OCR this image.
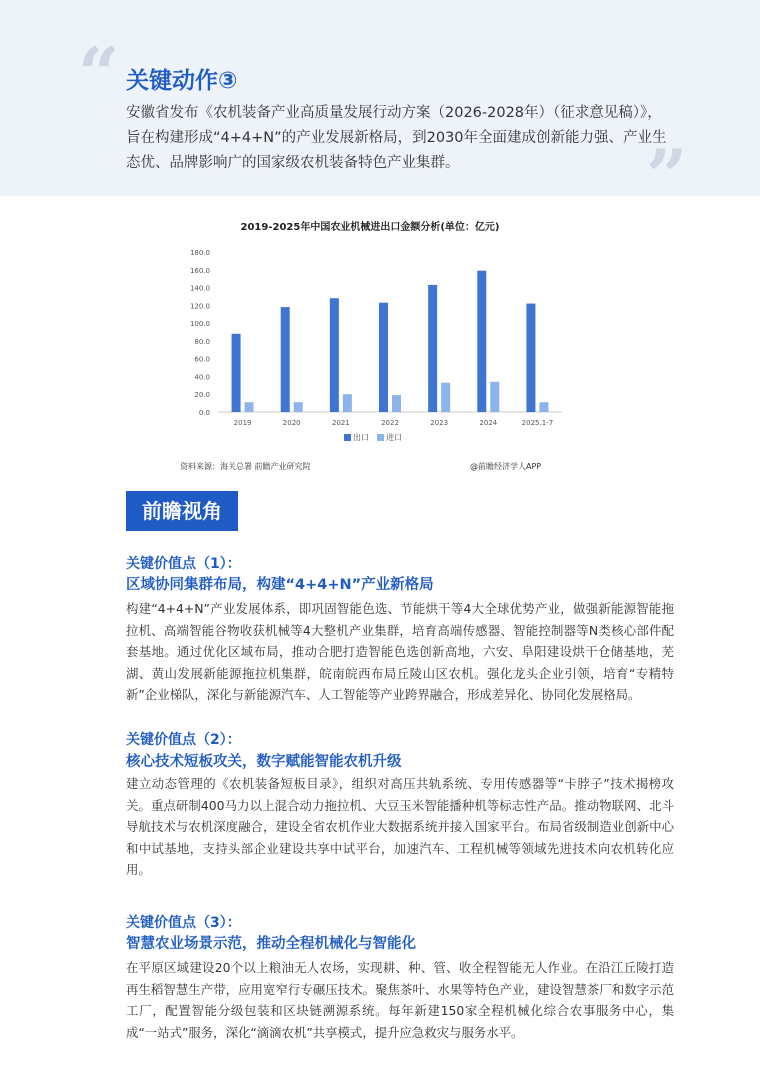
“ 关键动作③

安徽省发布《农机装备产业高质量发展行动方案（2026-2028年）（征求意见稿）》，旨在构建形成“4+4+N”的产业发展新格局，到2030年全面建成创新能力强、产业生态优、品牌影响广的国家级农机装备特色产业集群。	”
2019-2025年中国农业机械进出口金额分析(单位：亿元)
0.0
20.0
40.0
60.0
80.0
100.0
120.0
140.0
160.0
180.0
2019	2020	2021	2022	2023	2024	2025.1-7
出口	进口
资料来源：海关总署 前瞻产业研究院	@前瞻经济学人APP
前瞻视角
关键价值点（1）：
区域协同集群布局，构建“4+4+N”产业新格局

构建“4+4+N”产业发展体系，即巩固智能色选、节能烘干等4大全球优势产业，做强新能源智能拖拉机、高端智能谷物收获机械等4大整机产业集群，培育高端传感器、智能控制器等N类核心部件配套基地。通过优化区域布局，推动合肥打造智能色选创新高地，六安、阜阳建设烘干仓储基地，芜湖、黄山发展新能源拖拉机集群，皖南皖西布局丘陵山区农机。强化龙头企业引领，培育“专精特新”企业梯队，深化与新能源汽车、人工智能等产业跨界融合，形成差异化、协同化发展格局。

关键价值点（2）：
核心技术短板攻关，数字赋能智能农机升级

建立动态管理的《农机装备短板目录》，组织对高压共轨系统、专用传感器等“卡脖子”技术揭榜攻关。重点研制400马力以上混合动力拖拉机、大豆玉米智能播种机等标志性产品。推动物联网、北斗导航技术与农机深度融合，建设全省农机作业大数据系统并接入国家平台。布局省级制造业创新中心和中试基地，支持头部企业建设共享中试平台，加速汽车、工程机械等领域先进技术向农机转化应用。

关键价值点（3）：
智慧农业场景示范，推动全程机械化与智能化

在平原区域建设20个以上粮油无人农场，实现耕、种、管、收全程智能无人作业。在沿江丘陵打造再生稻智慧生产带，应用宽窄行专碾压技术。聚焦茶叶、水果等特色产业，建设智慧茶厂和数字示范工厂，配置智能分级包装和区块链溯源系统。每年新建150家全程机械化综合农事服务中心，集成“一站式”服务，深化“滴滴农机”共享模式，提升应急救灾与服务水平。
